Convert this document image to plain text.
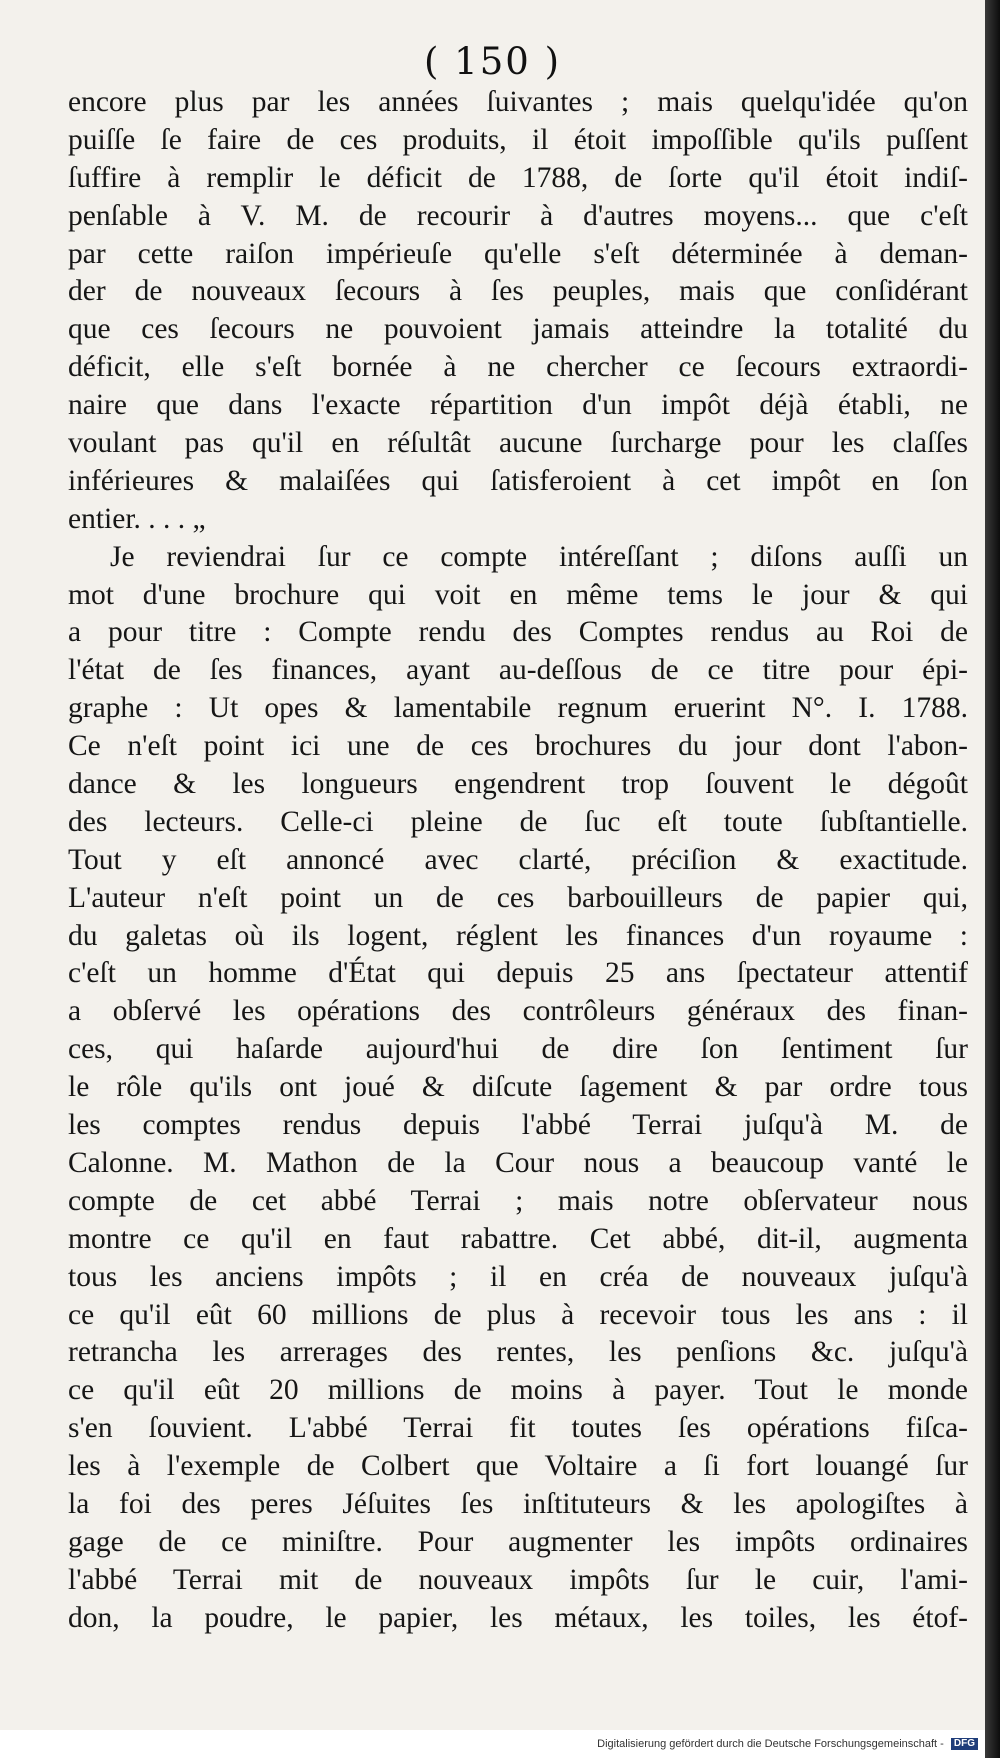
( 150 )
encore plus par les années ſuivantes ; mais quelqu'idée qu'on
puiſſe ſe faire de ces produits, il étoit impoſſible qu'ils puſſent
ſuffire à remplir le déficit de 1788, de ſorte qu'il étoit indiſ-
penſable à V. M. de recourir à d'autres moyens... que c'eſt
par cette raiſon impérieuſe qu'elle s'eſt déterminée à deman-
der de nouveaux ſecours à ſes peuples, mais que conſidérant
que ces ſecours ne pouvoient jamais atteindre la totalité du
déficit, elle s'eſt bornée à ne chercher ce ſecours extraordi-
naire que dans l'exacte répartition d'un impôt déjà établi, ne
voulant pas qu'il en réſultât aucune ſurcharge pour les claſſes
inférieures & malaiſées qui ſatisferoient à cet impôt en ſon
entier. . . . „
Je reviendrai ſur ce compte intéreſſant ; diſons auſſi un
mot d'une brochure qui voit en même tems le jour & qui
a pour titre : Compte rendu des Comptes rendus au Roi de
l'état de ſes finances, ayant au-deſſous de ce titre pour épi-
graphe : Ut opes & lamentabile regnum eruerint N°. I. 1788.
Ce n'eſt point ici une de ces brochures du jour dont l'abon-
dance & les longueurs engendrent trop ſouvent le dégoût
des lecteurs. Celle-ci pleine de ſuc eſt toute ſubſtantielle.
Tout y eſt annoncé avec clarté, préciſion & exactitude.
L'auteur n'eſt point un de ces barbouilleurs de papier qui,
du galetas où ils logent, réglent les finances d'un royaume :
c'eſt un homme d'État qui depuis 25 ans ſpectateur attentif
a obſervé les opérations des contrôleurs généraux des finan-
ces, qui haſarde aujourd'hui de dire ſon ſentiment ſur
le rôle qu'ils ont joué & diſcute ſagement & par ordre tous
les comptes rendus depuis l'abbé Terrai juſqu'à M. de
Calonne. M. Mathon de la Cour nous a beaucoup vanté le
compte de cet abbé Terrai ; mais notre obſervateur nous
montre ce qu'il en faut rabattre. Cet abbé, dit-il, augmenta
tous les anciens impôts ; il en créa de nouveaux juſqu'à
ce qu'il eût 60 millions de plus à recevoir tous les ans : il
retrancha les arrerages des rentes, les penſions &c. juſqu'à
ce qu'il eût 20 millions de moins à payer. Tout le monde
s'en ſouvient. L'abbé Terrai fit toutes ſes opérations fiſca-
les à l'exemple de Colbert que Voltaire a ſi fort louangé ſur
la foi des peres Jéſuites ſes inſtituteurs & les apologiſtes à
gage de ce miniſtre. Pour augmenter les impôts ordinaires
l'abbé Terrai mit de nouveaux impôts ſur le cuir, l'ami-
don, la poudre, le papier, les métaux, les toiles, les étof-
Digitalisierung gefördert durch die Deutsche Forschungsgemeinschaft - DFG
